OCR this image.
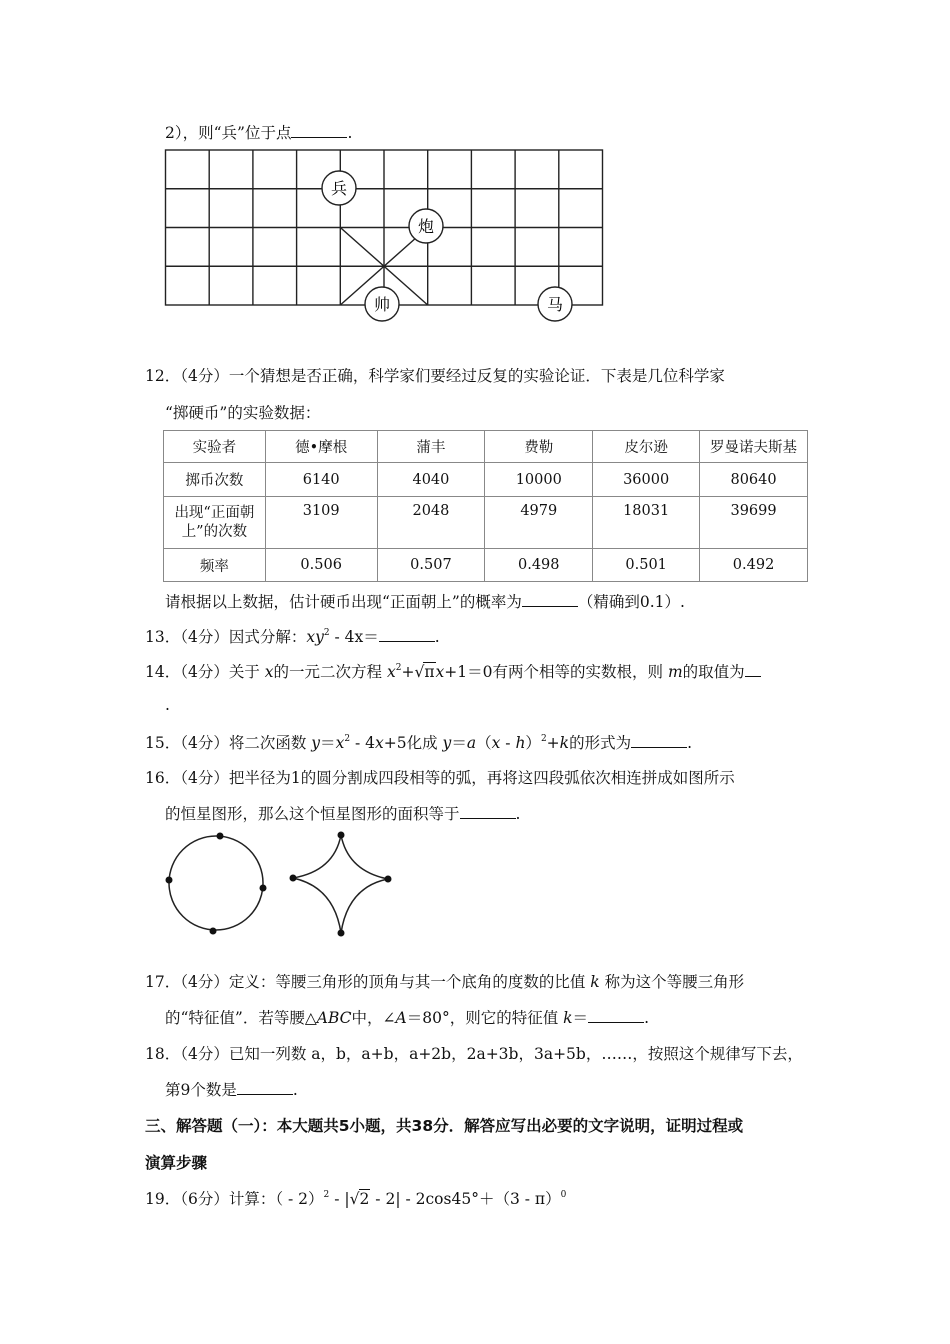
2），则“兵”位于点	.
兵
炮
帅	马
12．（4分）一个猜想是否正确，科学家们要经过反复的实验论证．下表是几位科学家
“掷硬币”的实验数据：
实验者	德•摩根	蒲丰	费勒	皮尔逊	罗曼诺夫斯基
掷币次数	6140	4040	10000	36000	80640

出现“正面朝
上”的次数	3109	2048	4979	18031	39699
频率	0.506	0.507	0.498	0.501	0.492
请根据以上数据，估计硬币出现“正面朝上”的概率为	（精确到0.1）.
13．（4分）因式分解：$xy^2 - 4x=$	.
14．（4分）关于 x的一元二次方程 $x^2+√\pi x+1=0$有两个相等的实数根，则 m的取值为
.
15．（4分）将二次函数 $y=x^2 - 4x+5$化成 y＝a（x - h）$^2$+k的形式为	.
16．（4分）把半径为1的圆分割成四段相等的弧，再将这四段弧依次相连拼成如图所示
的恒星图形，那么这个恒星图形的面积等于	.
17．（4分）定义：等腰三角形的顶角与其一个底角的度数的比值 k 称为这个等腰三角形
的“特征值”．若等腰△ABC中，∠A＝80°，则它的特征值 k＝	.
18．（4分）已知一列数 a，b，a+b，a+2b，2a+3b，3a+5b，……，按照这个规律写下去，
第9个数是	.
三、解答题（一）：本大题共5小题，共38分．解答应写出必要的文字说明，证明过程或
演算步骤
19．（6分）计算：（ - 2）$^2$ - |√2 - 2| - 2cos45°＋（3 - π）$^0$
